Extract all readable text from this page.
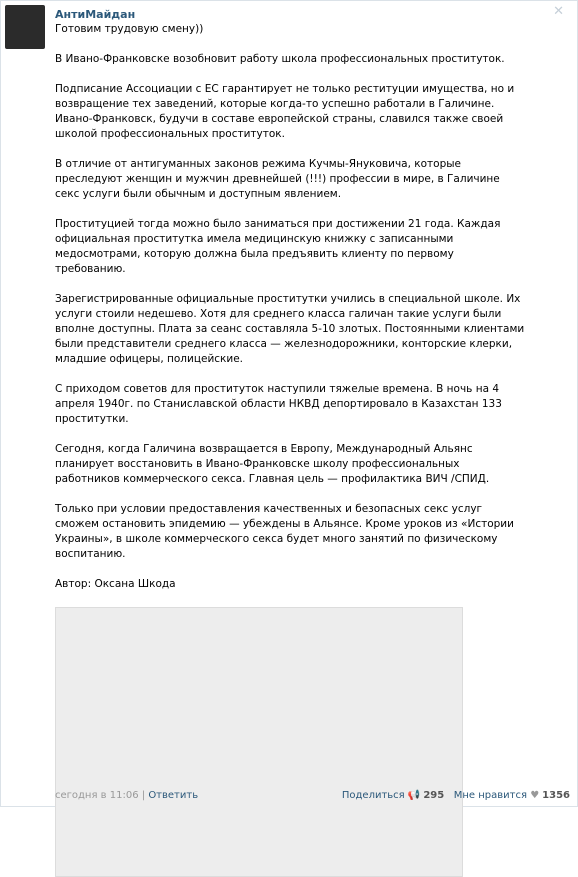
АнтиМайдан	✕

Готовим трудовую смену))

В Ивано-Франковске возобновит работу школа профессиональных проституток.

Подписание Ассоциации с ЕС гарантирует не только реституции имущества, но и возвращение тех заведений, которые когда-то успешно работали в Галичине. Ивано-Франковск, будучи в составе европейской страны, славился также своей школой профессиональных проституток.

В отличие от антигуманных законов режима Кучмы-Януковича, которые преследуют женщин и мужчин древнейшей (!!!) профессии в мире, в Галичине секс услуги были обычным и доступным явлением.

Проституцией тогда можно было заниматься при достижении 21 года. Каждая официальная проститутка имела медицинскую книжку с записанными медосмотрами, которую должна была предъявить клиенту по первому требованию.

Зарегистрированные официальные проститутки учились в специальной школе. Их услуги стоили недешево. Хотя для среднего класса галичан такие услуги были вполне доступны. Плата за сеанс составляла 5-10 злотых. Постоянными клиентами были представители среднего класса — железнодорожники, конторские клерки, младшие офицеры, полицейские.

С приходом советов для проституток наступили тяжелые времена. В ночь на 4 апреля 1940г. по Станиславской области НКВД депортировало в Казахстан 133 проститутки.

Сегодня, когда Галичина возвращается в Европу, Международный Альянс планирует восстановить в Ивано-Франковске школу профессиональных работников коммерческого секса. Главная цель — профилактика ВИЧ /СПИД.

Только при условии предоставления качественных и безопасных секс услуг сможем остановить эпидемию — убеждены в Альянсе. Кроме уроков из «Истории Украины», в школе коммерческого секса будет много занятий по физическому воспитанию.

Автор: Оксана Шкода

сегодня в 11:06 | Ответить	Поделиться 📢 295 Мне нравится ♥ 1356
